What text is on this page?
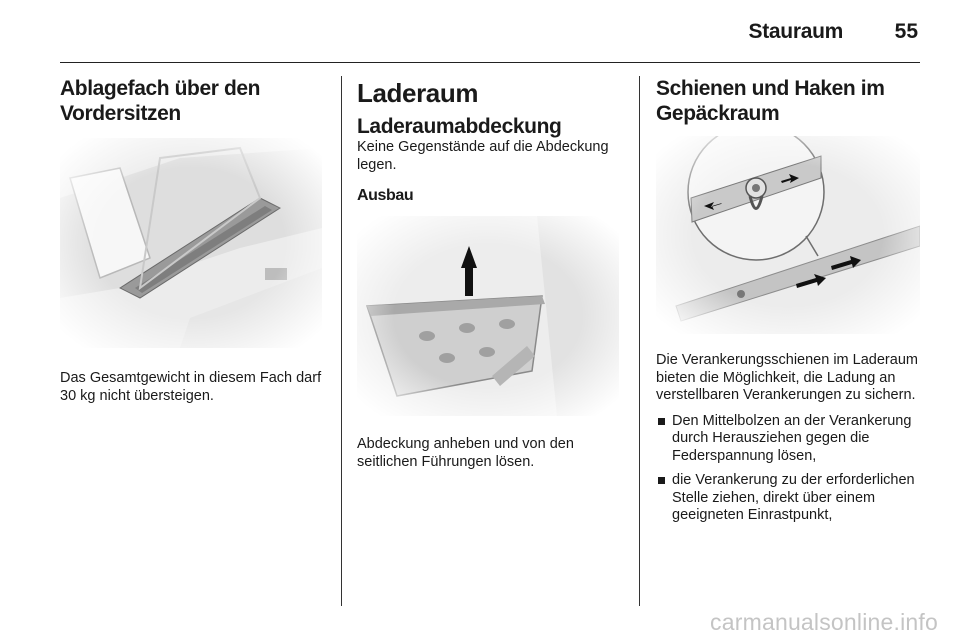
Stauraum 55
Ablagefach über den Vordersitzen

Das Gesamtgewicht in diesem Fach darf 30 kg nicht übersteigen.

Laderaum
Laderaumabdeckung

Keine Gegenstände auf die Abdeckung legen.

Ausbau

Abdeckung anheben und von den seitlichen Führungen lösen.

Schienen und Haken im Gepäckraum

Die Verankerungsschienen im Laderaum bieten die Möglichkeit, die Ladung an verstellbaren Verankerungen zu sichern.

Den Mittelbolzen an der Verankerung durch Herausziehen gegen die Federspannung lösen,
die Verankerung zu der erforderlichen Stelle ziehen, direkt über einem geeigneten Einrastpunkt,
carmanualsonline.info
